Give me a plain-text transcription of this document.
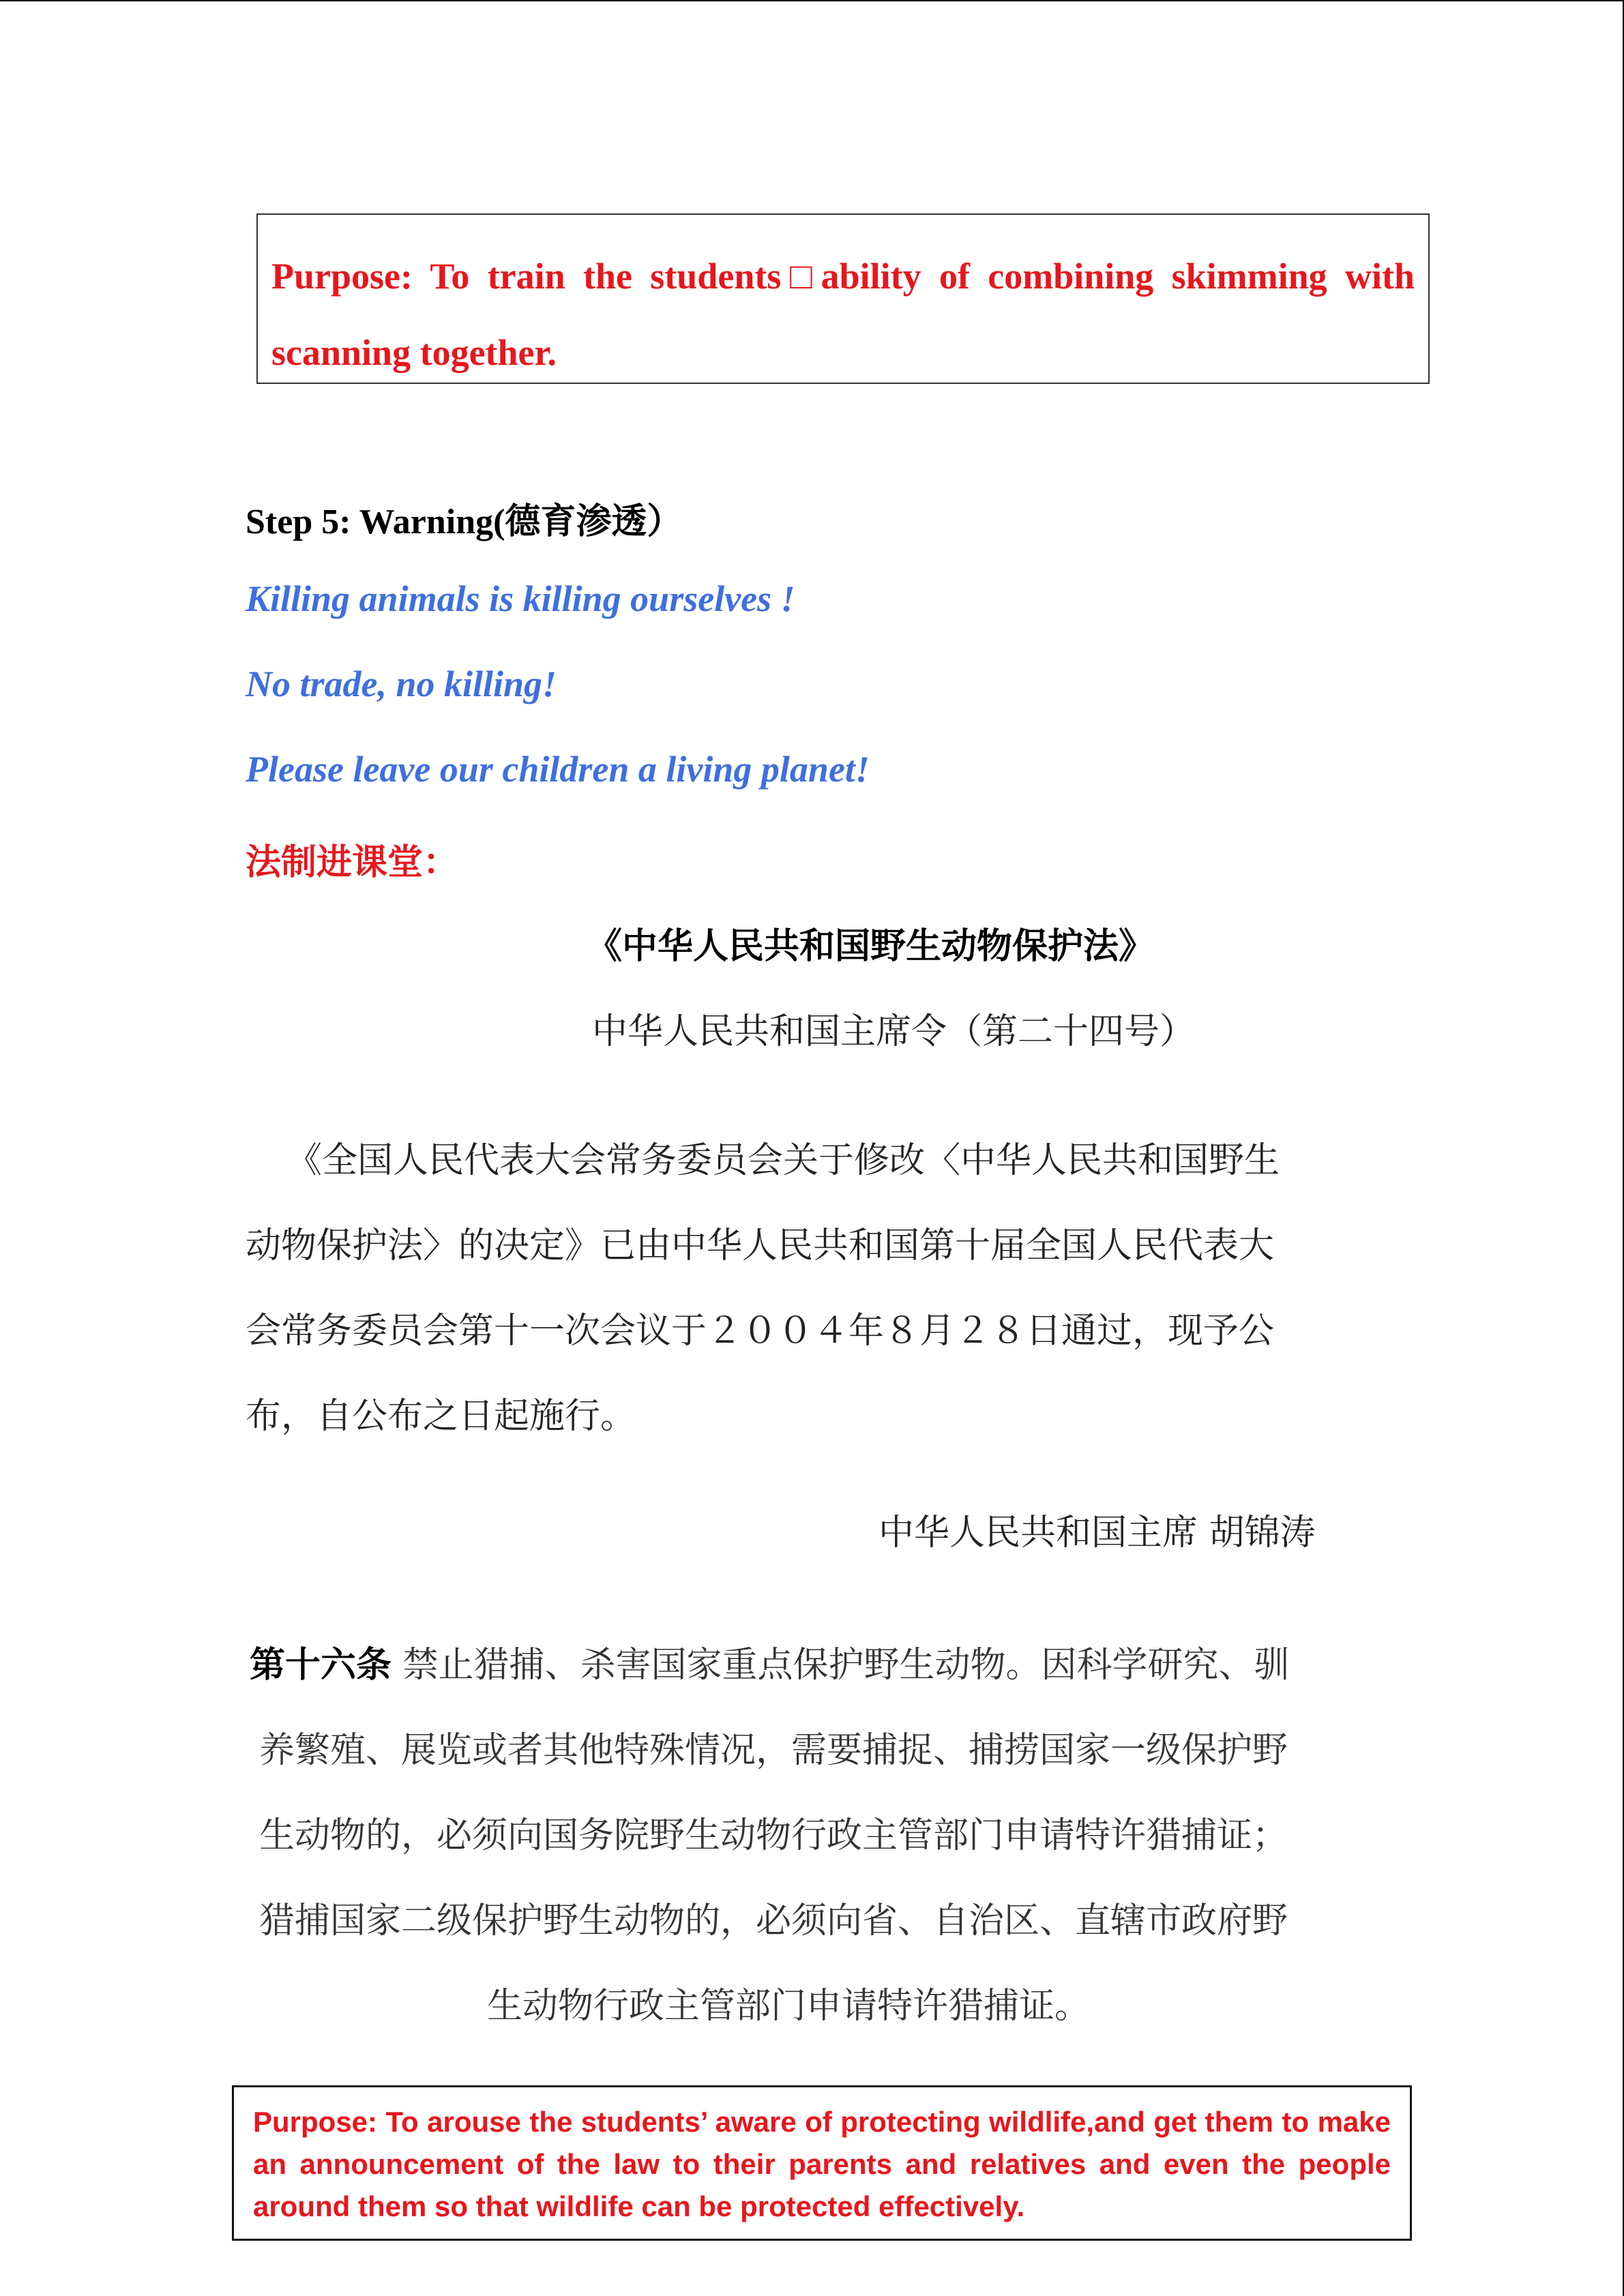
Purpose: To train the students□ability of combining skimming with

scanning together.

Step 5: Warning(德育渗透）

Killing animals is killing ourselves !

No trade, no killing!

Please leave our children a living planet!

法制进课堂：

《中华人民共和国野生动物保护法》
中华人民共和国主席令（第二十四号）
《全国人民代表大会常务委员会关于修改〈中华人民共和国野生
动物保护法〉的决定》已由中华人民共和国第十届全国人民代表大
会常务委员会第十一次会议于２００４年８月２８日通过，现予公
布，自公布之日起施行。
中华人民共和国主席 胡锦涛
第十六条 禁止猎捕、杀害国家重点保护野生动物。因科学研究、驯
养繁殖、展览或者其他特殊情况，需要捕捉、捕捞国家一级保护野
生动物的，必须向国务院野生动物行政主管部门申请特许猎捕证；
猎捕国家二级保护野生动物的，必须向省、自治区、直辖市政府野
生动物行政主管部门申请特许猎捕证。

Purpose: To arouse the students’ aware of protecting wildlife,and get them to make an announcement of the law to their parents and relatives and even the people around them so that wildlife can be protected effectively.
